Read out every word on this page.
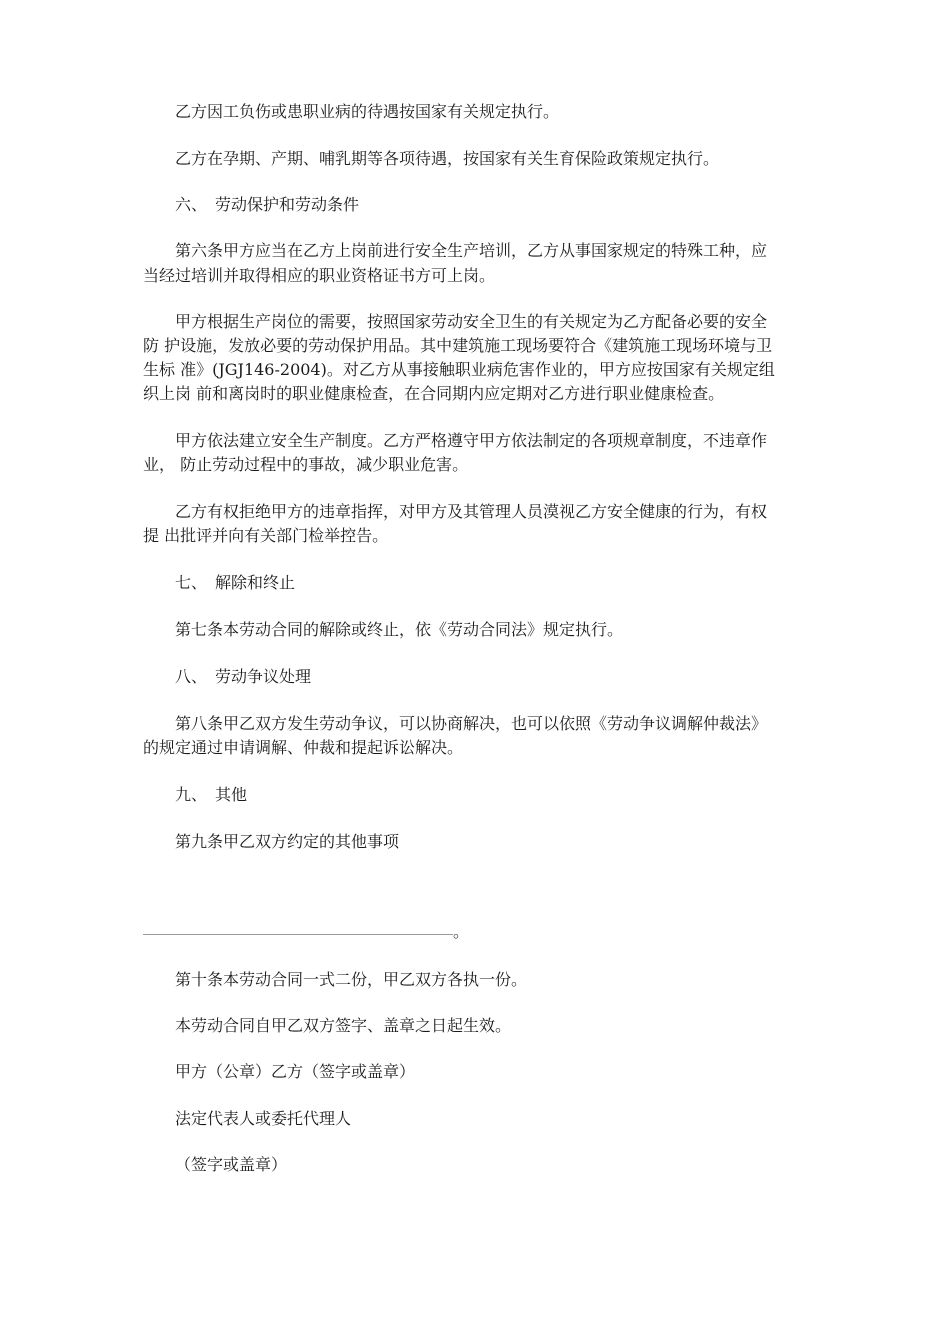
乙方因工负伤或患职业病的待遇按国家有关规定执行。
乙方在孕期、产期、哺乳期等各项待遇，按国家有关生育保险政策规定执行。
六、　劳动保护和劳动条件
第六条甲方应当在乙方上岗前进行安全生产培训，乙方从事国家规定的特殊工种，应
当经过培训并取得相应的职业资格证书方可上岗。
甲方根据生产岗位的需要，按照国家劳动安全卫生的有关规定为乙方配备必要的安全
防 护设施，发放必要的劳动保护用品。其中建筑施工现场要符合《建筑施工现场环境与卫
生标 准》(JGJ146-2004)。对乙方从事接触职业病危害作业的，甲方应按国家有关规定组
织上岗 前和离岗时的职业健康检查，在合同期内应定期对乙方进行职业健康检查。
甲方依法建立安全生产制度。乙方严格遵守甲方依法制定的各项规章制度，不违章作
业， 防止劳动过程中的事故，减少职业危害。
乙方有权拒绝甲方的违章指挥，对甲方及其管理人员漠视乙方安全健康的行为，有权
提 出批评并向有关部门检举控告。
七、　解除和终止
第七条本劳动合同的解除或终止，依《劳动合同法》规定执行。
八、　劳动争议处理
第八条甲乙双方发生劳动争议，可以协商解决，也可以依照《劳动争议调解仲裁法》
的规定通过申请调解、仲裁和提起诉讼解决。
九、　其他
第九条甲乙双方约定的其他事项
。
第十条本劳动合同一式二份，甲乙双方各执一份。
本劳动合同自甲乙双方签字、盖章之日起生效。
甲方（公章）乙方（签字或盖章）
法定代表人或委托代理人
（签字或盖章）
